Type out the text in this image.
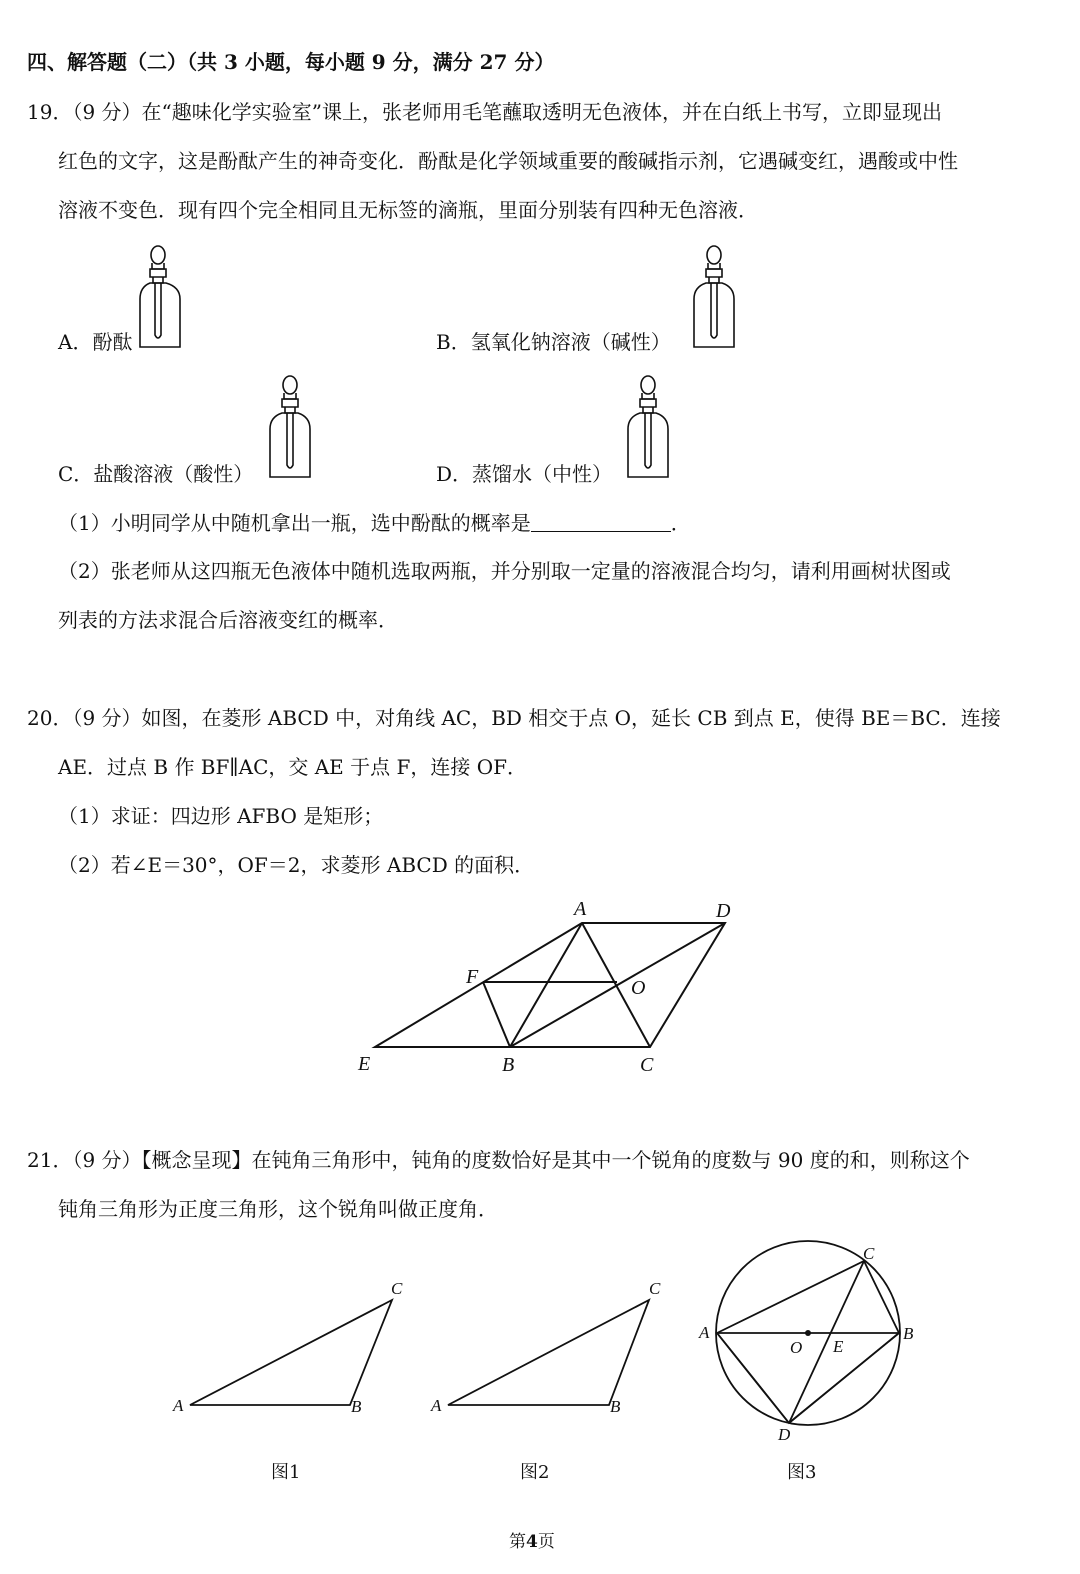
四、解答题（二）（共 3 小题，每小题 9 分，满分 27 分）
19．（9 分）在“趣味化学实验室”课上，张老师用毛笔蘸取透明无色液体，并在白纸上书写，立即显现出
红色的文字，这是酚酞产生的神奇变化．酚酞是化学领域重要的酸碱指示剂，它遇碱变红，遇酸或中性
溶液不变色．现有四个完全相同且无标签的滴瓶，里面分别装有四种无色溶液．
A．酚酞	B．氢氧化钠溶液（碱性）
C．盐酸溶液（酸性）	D．蒸馏水（中性）
（1）小明同学从中随机拿出一瓶，选中酚酞的概率是	．
（2）张老师从这四瓶无色液体中随机选取两瓶，并分别取一定量的溶液混合均匀，请利用画树状图或
列表的方法求混合后溶液变红的概率．
20．（9 分）如图，在菱形 ABCD 中，对角线 AC，BD 相交于点 O，延长 CB 到点 E，使得 BE＝BC．连接
AE．过点 B 作 BF∥AC，交 AE 于点 F，连接 OF．
（1）求证：四边形 AFBO 是矩形；
（2）若∠E＝30°，OF＝2，求菱形 ABCD 的面积．
A	D
F	O
E	B	C
21．（9 分）【概念呈现】在钝角三角形中，钝角的度数恰好是其中一个锐角的度数与 90 度的和，则称这个
钝角三角形为正度三角形，这个锐角叫做正度角．
A	B
C
A	B
C
A	B
C
D
O E
图1	图2	图3
第4页
